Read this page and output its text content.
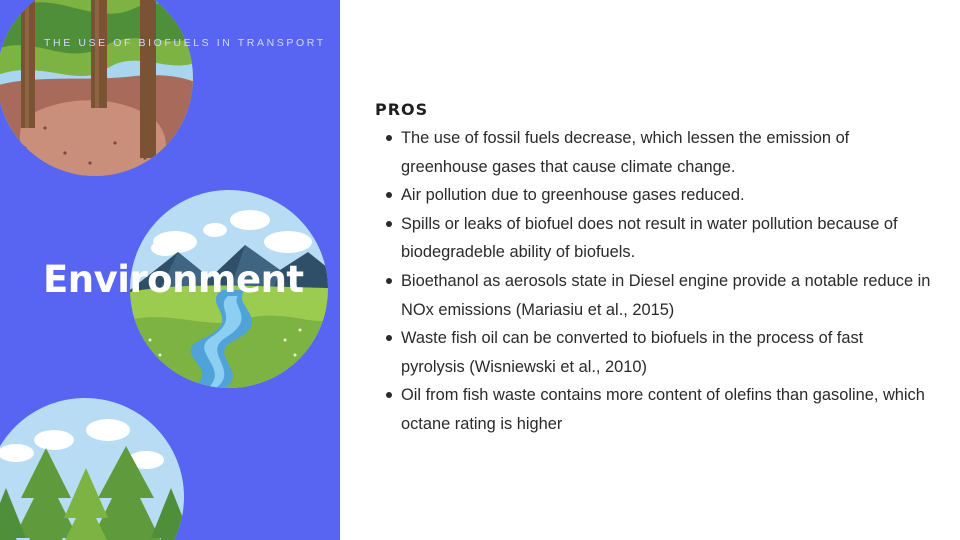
THE USE OF BIOFUELS IN TRANSPORT
Environment
PROS
The use of fossil fuels decrease, which lessen the emission of greenhouse gases that cause climate change.
Air pollution due to greenhouse gases reduced.
Spills or leaks of biofuel does not result in water pollution because of biodegradeble ability of biofuels.
Bioethanol as aerosols state in Diesel engine provide a notable reduce in NOx emissions (Mariasiu et al., 2015)
Waste fish oil can be converted to biofuels in the process of fast pyrolysis (Wisniewski et al., 2010)
Oil from fish waste contains more content of olefins than gasoline, which octane rating is higher
